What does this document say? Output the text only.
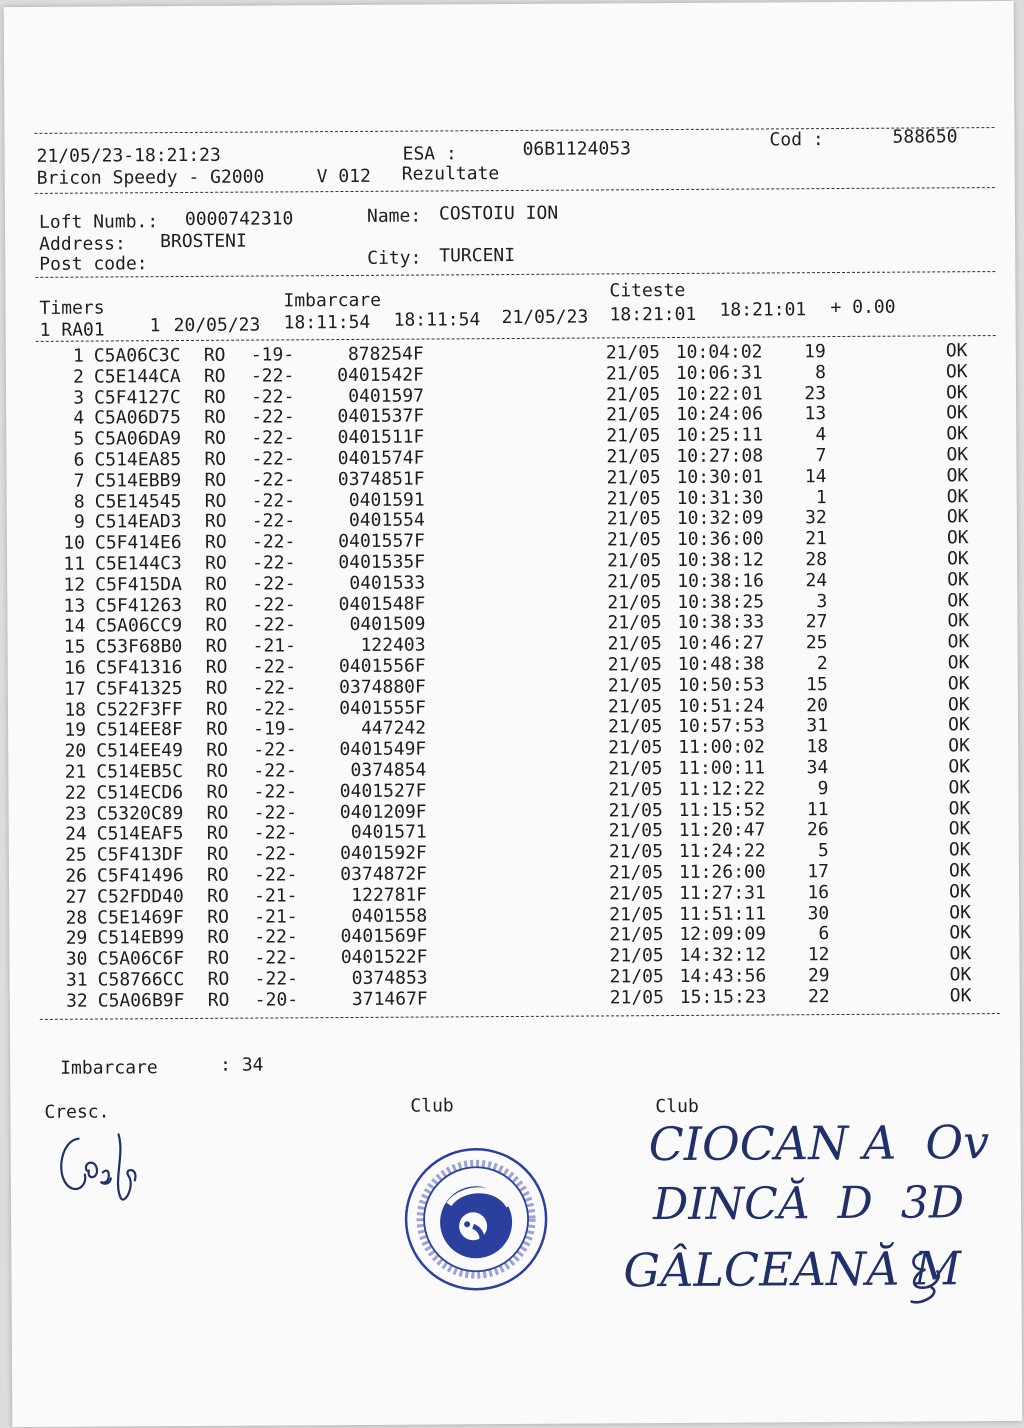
21/05/23-18:21:23	ESA :	06B1124053	Cod :	588650
Bricon Speedy - G2000	V 012 Rezultate
Loft Numb.: 0000742310	Name: COSTOIU ION
Address: BROSTENI
Post code:	City: TURCENI
Timers	Imbarcare	Citeste
1 RA01 1 20/05/23 18:11:54 18:11:54 21/05/23 18:21:01 18:21:01 + 0.00
1 C5A06C3C RO -19-	878254F	21/05 10:04:02	19	OK
2 C5E144CA RO -22-	0401542F	21/05 10:06:31	8	OK
3 C5F4127C RO -22-	0401597	21/05 10:22:01	23	OK
4 C5A06D75 RO -22-	0401537F	21/05 10:24:06	13	OK
5 C5A06DA9 RO -22-	0401511F	21/05 10:25:11	4	OK
6 C514EA85 RO -22-	0401574F	21/05 10:27:08	7	OK
7 C514EBB9 RO -22-	0374851F	21/05 10:30:01	14	OK
8 C5E14545 RO -22-	0401591	21/05 10:31:30	1	OK
9 C514EAD3 RO -22-	0401554	21/05 10:32:09	32	OK
10 C5F414E6 RO -22-	0401557F	21/05 10:36:00	21	OK
11 C5E144C3 RO -22-	0401535F	21/05 10:38:12	28	OK
12 C5F415DA RO -22-	0401533	21/05 10:38:16	24	OK
13 C5F41263 RO -22-	0401548F	21/05 10:38:25	3	OK
14 C5A06CC9 RO -22-	0401509	21/05 10:38:33	27	OK
15 C53F68B0 RO -21-	122403	21/05 10:46:27	25	OK
16 C5F41316 RO -22-	0401556F	21/05 10:48:38	2	OK
17 C5F41325 RO -22-	0374880F	21/05 10:50:53	15	OK
18 C522F3FF RO -22-	0401555F	21/05 10:51:24	20	OK
19 C514EE8F RO -19-	447242	21/05 10:57:53	31	OK
20 C514EE49 RO -22-	0401549F	21/05 11:00:02	18	OK
21 C514EB5C RO -22-	0374854	21/05 11:00:11	34	OK
22 C514ECD6 RO -22-	0401527F	21/05 11:12:22	9	OK
23 C5320C89 RO -22-	0401209F	21/05 11:15:52	11	OK
24 C514EAF5 RO -22-	0401571	21/05 11:20:47	26	OK
25 C5F413DF RO -22-	0401592F	21/05 11:24:22	5	OK
26 C5F41496 RO -22-	0374872F	21/05 11:26:00	17	OK
27 C52FDD40 RO -21-	122781F	21/05 11:27:31	16	OK
28 C5E1469F RO -21-	0401558	21/05 11:51:11	30	OK
29 C514EB99 RO -22-	0401569F	21/05 12:09:09	6	OK
30 C5A06C6F RO -22-	0401522F	21/05 14:32:12	12	OK
31 C58766CC RO -22-	0374853	21/05 14:43:56	29	OK
32 C5A06B9F RO -20-	371467F	21/05 15:15:23	22	OK
Imbarcare	: 34
Cresc.	Club	Club
CIOCAN A  Ov
DINCĂ  D  3D
GÂLCEANĂ M
